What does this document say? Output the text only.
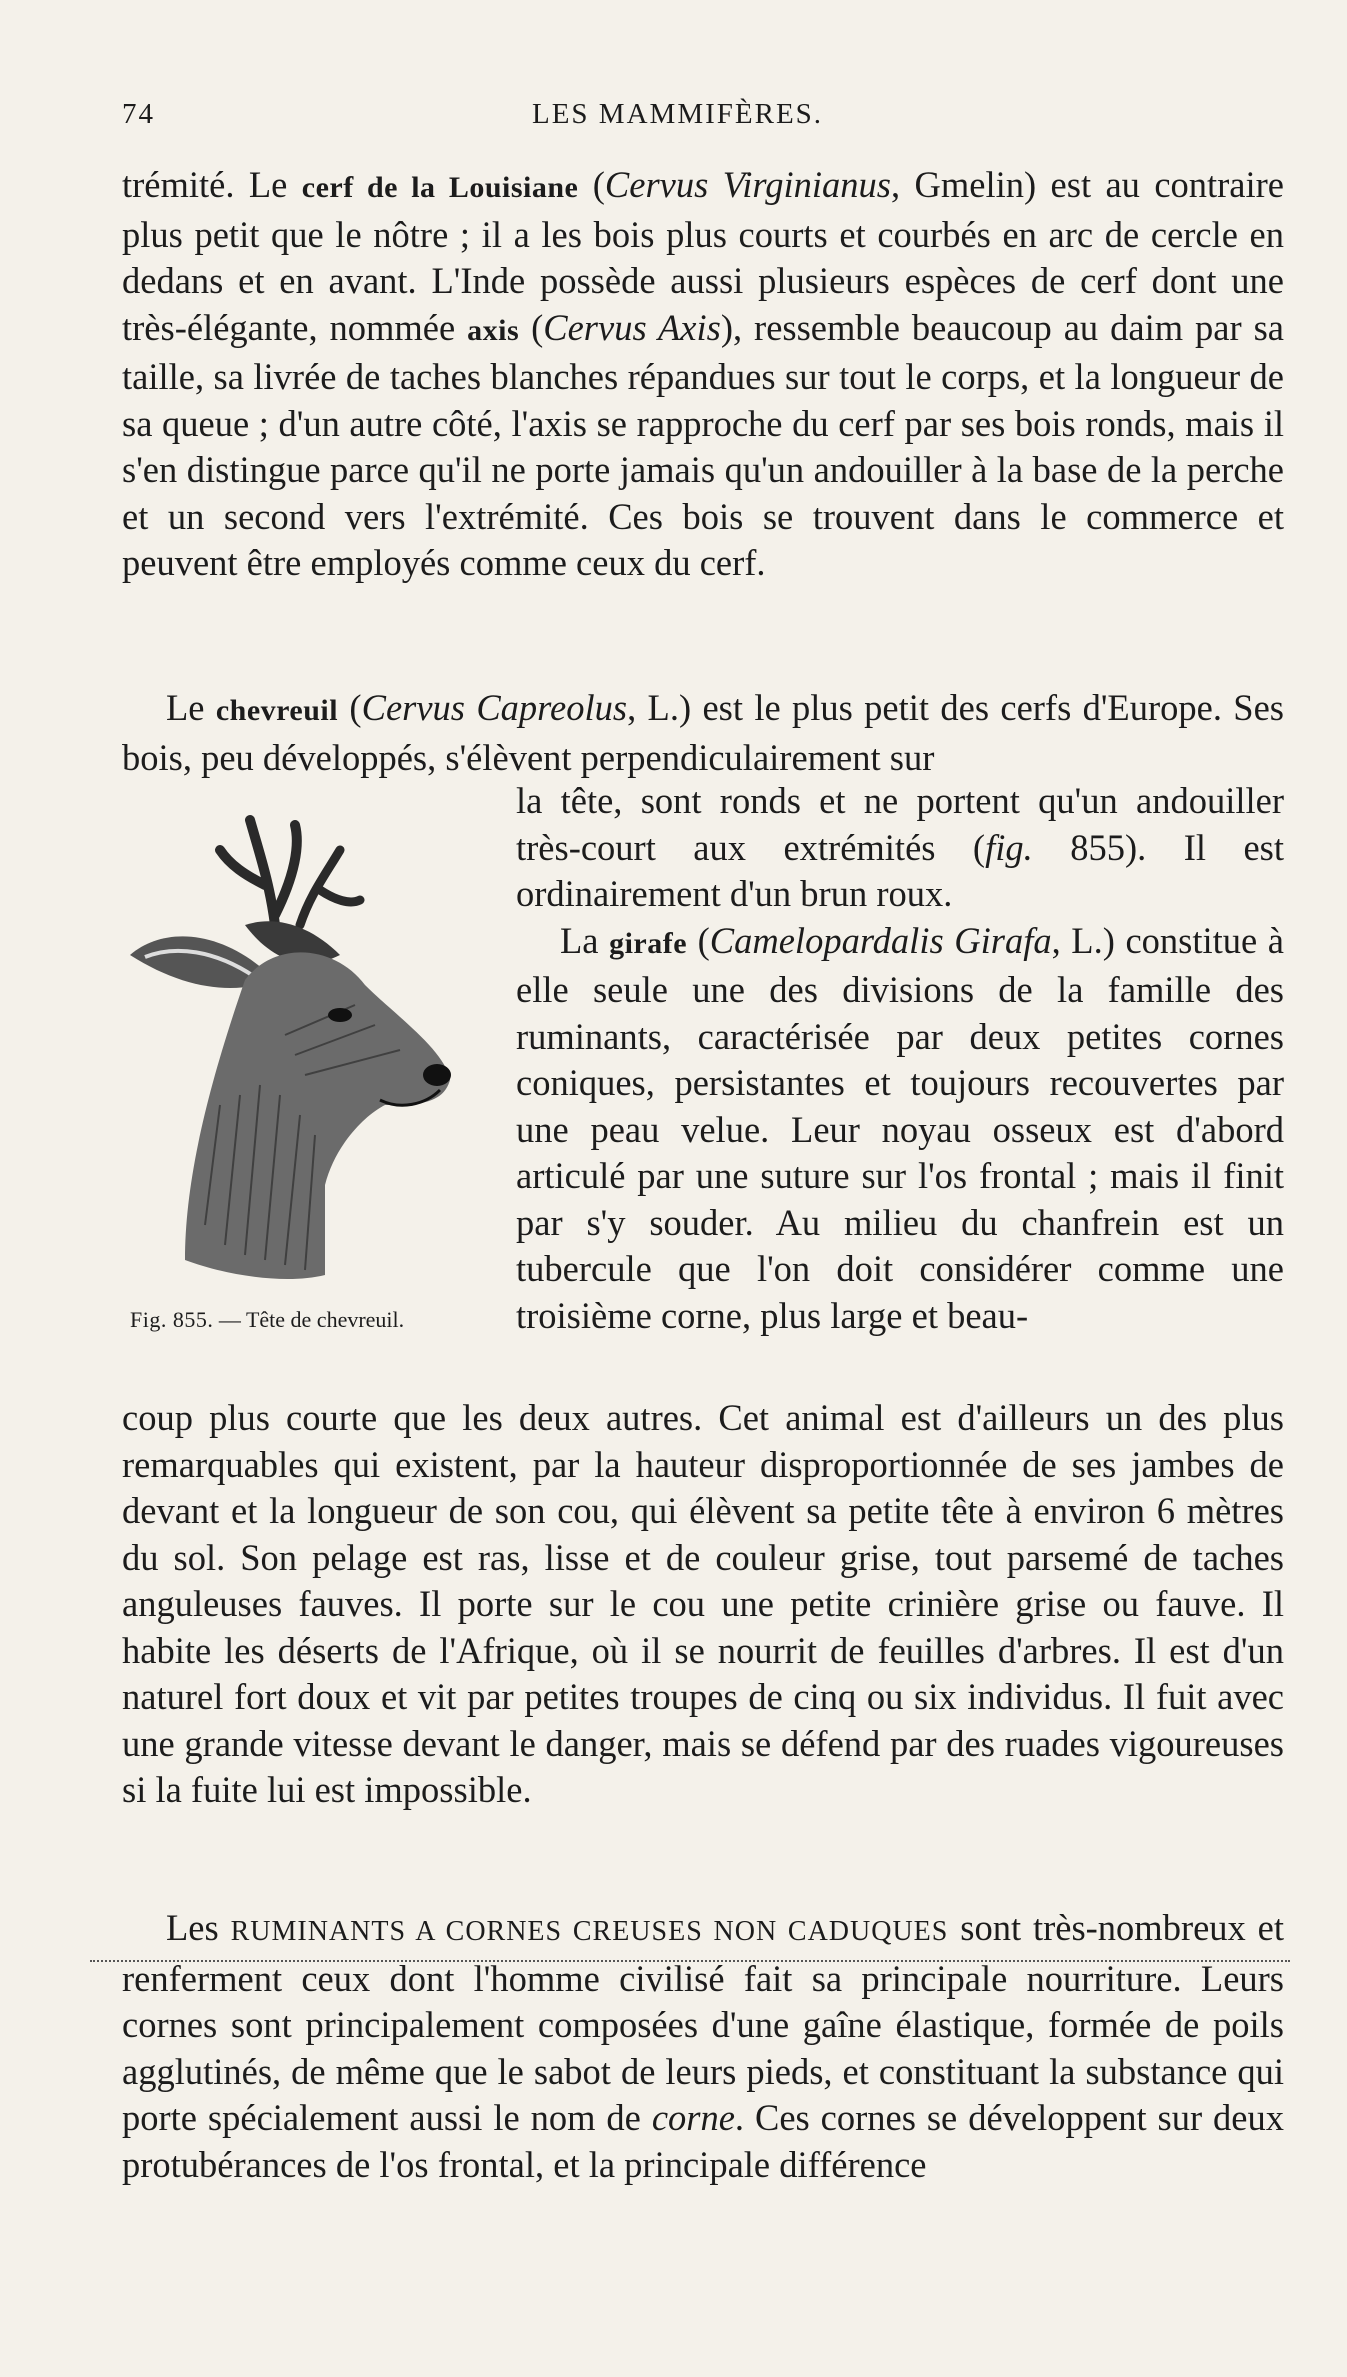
74	LES MAMMIFÈRES.

trémité. Le cerf de la Louisiane (Cervus Virginianus, Gmelin) est au contraire plus petit que le nôtre ; il a les bois plus courts et courbés en arc de cercle en dedans et en avant. L'Inde possède aussi plusieurs espèces de cerf dont une très-élégante, nommée axis (Cervus Axis), ressemble beaucoup au daim par sa taille, sa livrée de taches blanches répandues sur tout le corps, et la longueur de sa queue ; d'un autre côté, l'axis se rapproche du cerf par ses bois ronds, mais il s'en distingue parce qu'il ne porte jamais qu'un andouiller à la base de la perche et un second vers l'extrémité. Ces bois se trouvent dans le commerce et peuvent être employés comme ceux du cerf.

Le chevreuil (Cervus Capreolus, L.) est le plus petit des cerfs d'Europe. Ses bois, peu développés, s'élèvent perpendiculairement sur

la tête, sont ronds et ne portent qu'un andouiller très-court aux extrémités (fig. 855). Il est ordinairement d'un brun roux.

La girafe (Camelopardalis Girafa, L.) constitue à elle seule une des divisions de la famille des ruminants, caractérisée par deux petites cornes coniques, persistantes et toujours recouvertes par une peau velue. Leur noyau osseux est d'abord articulé par une suture sur l'os frontal ; mais il finit par s'y souder. Au milieu du chanfrein est un tubercule que l'on doit considérer comme une troisième corne, plus large et beau-

Fig. 855. — Tête de chevreuil.

coup plus courte que les deux autres. Cet animal est d'ailleurs un des plus remarquables qui existent, par la hauteur disproportionnée de ses jambes de devant et la longueur de son cou, qui élèvent sa petite tête à environ 6 mètres du sol. Son pelage est ras, lisse et de couleur grise, tout parsemé de taches anguleuses fauves. Il porte sur le cou une petite crinière grise ou fauve. Il habite les déserts de l'Afrique, où il se nourrit de feuilles d'arbres. Il est d'un naturel fort doux et vit par petites troupes de cinq ou six individus. Il fuit avec une grande vitesse devant le danger, mais se défend par des ruades vigoureuses si la fuite lui est impossible.

Les RUMINANTS A CORNES CREUSES NON CADUQUES sont très-nombreux et renferment ceux dont l'homme civilisé fait sa principale nourriture. Leurs cornes sont principalement composées d'une gaîne élastique, formée de poils agglutinés, de même que le sabot de leurs pieds, et constituant la substance qui porte spécialement aussi le nom de corne. Ces cornes se développent sur deux protubérances de l'os frontal, et la principale différence
